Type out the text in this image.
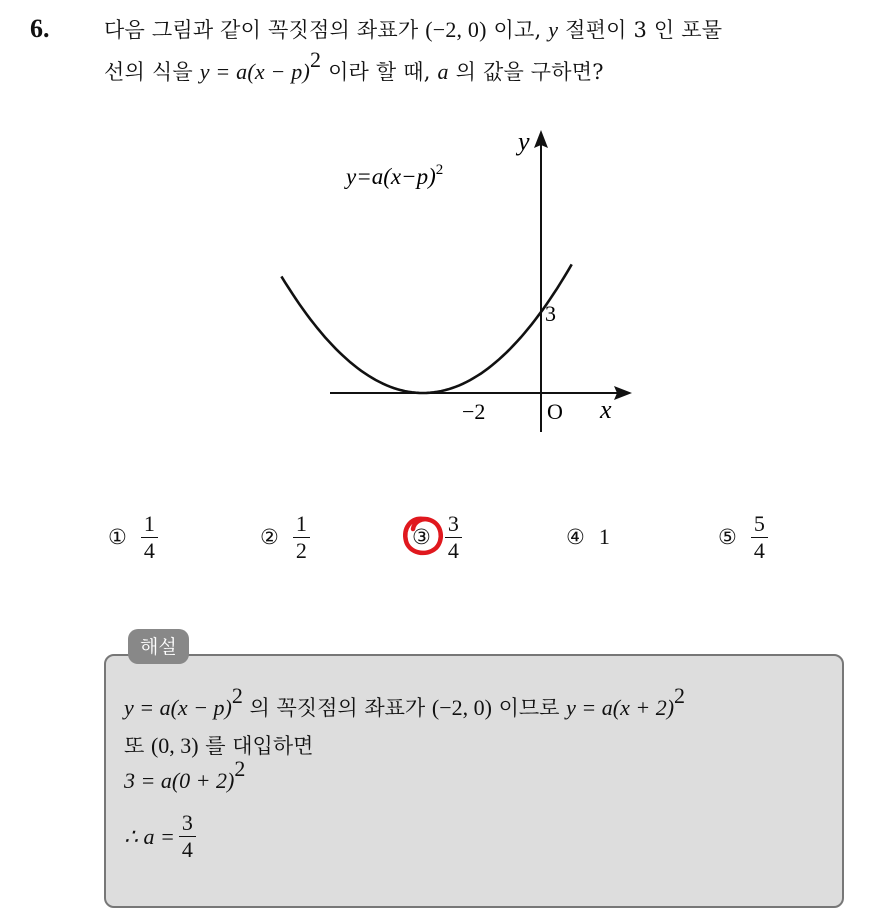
6.	다음 그림과 같이 꼭짓점의 좌표가 (−2, 0) 이고, y 절편이 3 인 포물
선의 식을 $y = a(x - p)^2$ 이라 할 때, a 의 값을 구하면?
y
x
$y=a(x-p)^2$
3
−2	O
① $\frac{1}{4}$	② $\frac{1}{2}$	③ $\frac{3}{4}$	④ 1	⑤ $\frac{5}{4}$
해설
$y = a(x - p)^2$ 의 꼭짓점의 좌표가 (−2, 0) 이므로 $y = a(x + 2)^2$
또 (0, 3) 를 대입하면
$3 = a(0 + 2)^2$
∴ $a = \frac{3}{4}$
